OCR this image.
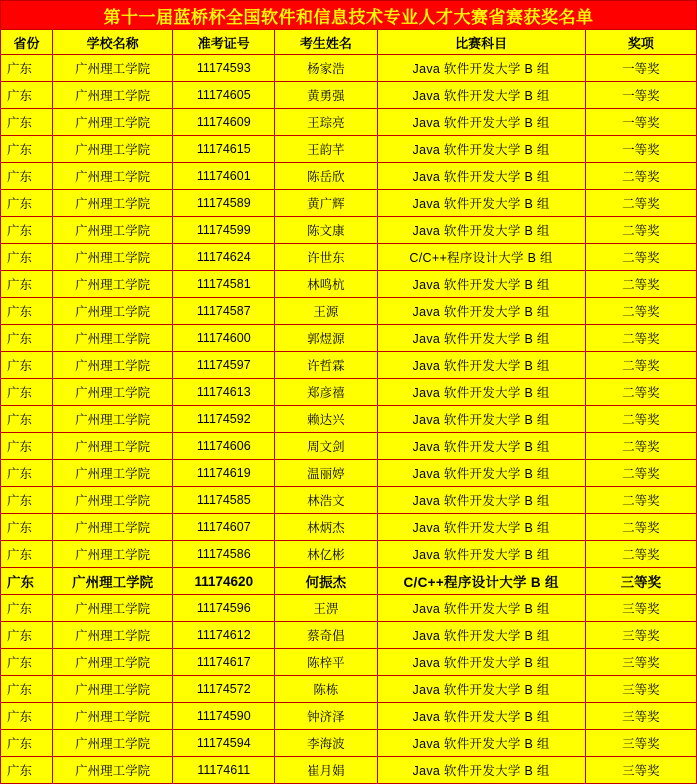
第十一届蓝桥杯全国软件和信息技术专业人才大赛省赛获奖名单					
省份	学校名称	准考证号	考生姓名	比赛科目	奖项
广东	广州理工学院	11174593	杨家浩	Java 软件开发大学 B 组	一等奖
广东	广州理工学院	11174605	黄勇强	Java 软件开发大学 B 组	一等奖
广东	广州理工学院	11174609	王琮亮	Java 软件开发大学 B 组	一等奖
广东	广州理工学院	11174615	王韵芊	Java 软件开发大学 B 组	一等奖
广东	广州理工学院	11174601	陈岳欣	Java 软件开发大学 B 组	二等奖
广东	广州理工学院	11174589	黄广辉	Java 软件开发大学 B 组	二等奖
广东	广州理工学院	11174599	陈文康	Java 软件开发大学 B 组	二等奖
广东	广州理工学院	11174624	许世东	C/C++程序设计大学 B 组	二等奖
广东	广州理工学院	11174581	林鸣杭	Java 软件开发大学 B 组	二等奖
广东	广州理工学院	11174587	王源	Java 软件开发大学 B 组	二等奖
广东	广州理工学院	11174600	郭煜源	Java 软件开发大学 B 组	二等奖
广东	广州理工学院	11174597	许哲霖	Java 软件开发大学 B 组	二等奖
广东	广州理工学院	11174613	郑彦禧	Java 软件开发大学 B 组	二等奖
广东	广州理工学院	11174592	赖达兴	Java 软件开发大学 B 组	二等奖
广东	广州理工学院	11174606	周文剑	Java 软件开发大学 B 组	二等奖
广东	广州理工学院	11174619	温丽婷	Java 软件开发大学 B 组	二等奖
广东	广州理工学院	11174585	林浩文	Java 软件开发大学 B 组	二等奖
广东	广州理工学院	11174607	林炳杰	Java 软件开发大学 B 组	二等奖
广东	广州理工学院	11174586	林亿彬	Java 软件开发大学 B 组	二等奖
广东	广州理工学院	11174620	何振杰	C/C++程序设计大学 B 组	三等奖
广东	广州理工学院	11174596	王淠	Java 软件开发大学 B 组	三等奖
广东	广州理工学院	11174612	蔡奇倡	Java 软件开发大学 B 组	三等奖
广东	广州理工学院	11174617	陈梓平	Java 软件开发大学 B 组	三等奖
广东	广州理工学院	11174572	陈栋	Java 软件开发大学 B 组	三等奖
广东	广州理工学院	11174590	钟济泽	Java 软件开发大学 B 组	三等奖
广东	广州理工学院	11174594	李海波	Java 软件开发大学 B 组	三等奖
广东	广州理工学院	11174611	崔月娟	Java 软件开发大学 B 组	三等奖
